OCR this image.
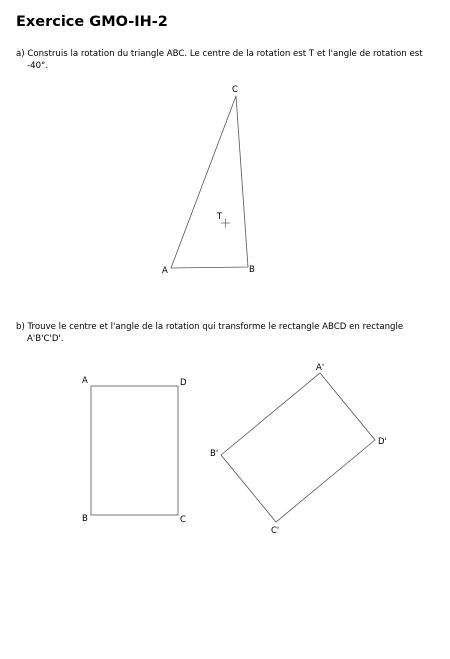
Exercice GMO-IH-2
a) Construis la rotation du triangle ABC. Le centre de la rotation est T et l'angle de rotation est
-40°.
b) Trouve le centre et l'angle de la rotation qui transforme le rectangle ABCD en rectangle
A'B'C'D'.
C
A	B
T
A	D
B	C
A'
D'
C'
B'
